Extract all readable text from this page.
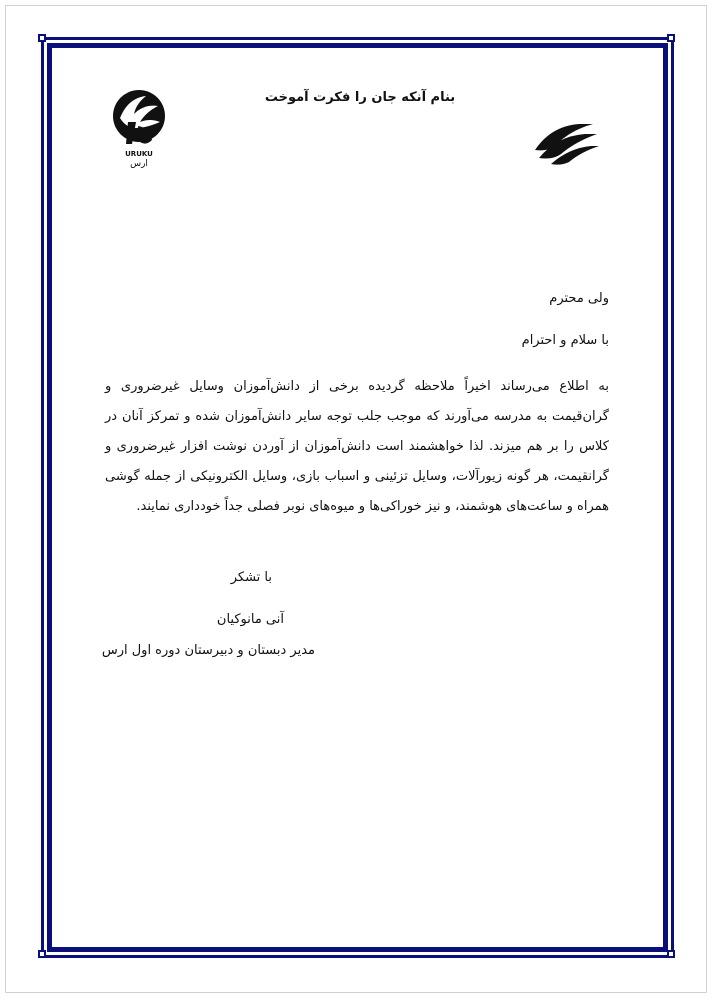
بنام آنکه جان را فکرت آموخت
URUKU
ارس
ولی محترم
با سلام و احترام
به اطلاع می‌رساند اخیراً ملاحظه گردیده برخی از دانش‌آموزان وسایل غیرضروری و گران‌قیمت به مدرسه می‌آورند که موجب جلب توجه سایر دانش‌آموزان شده و تمرکز آنان در کلاس را بر هم میزند. لذا خواهشمند است دانش‌آموزان از آوردن نوشت افزار غیرضروری و گرانقیمت، هر گونه زیورآلات، وسایل تزئینی و اسباب بازی، وسایل الکترونیکی از جمله گوشی همراه و ساعت‌های هوشمند، و نیز خوراکی‌ها و میوه‌های نوبر فصلی جداً خودداری نمایند.
با تشکر
آنی مانوکیان
مدیر دبستان و دبیرستان دوره اول ارس
